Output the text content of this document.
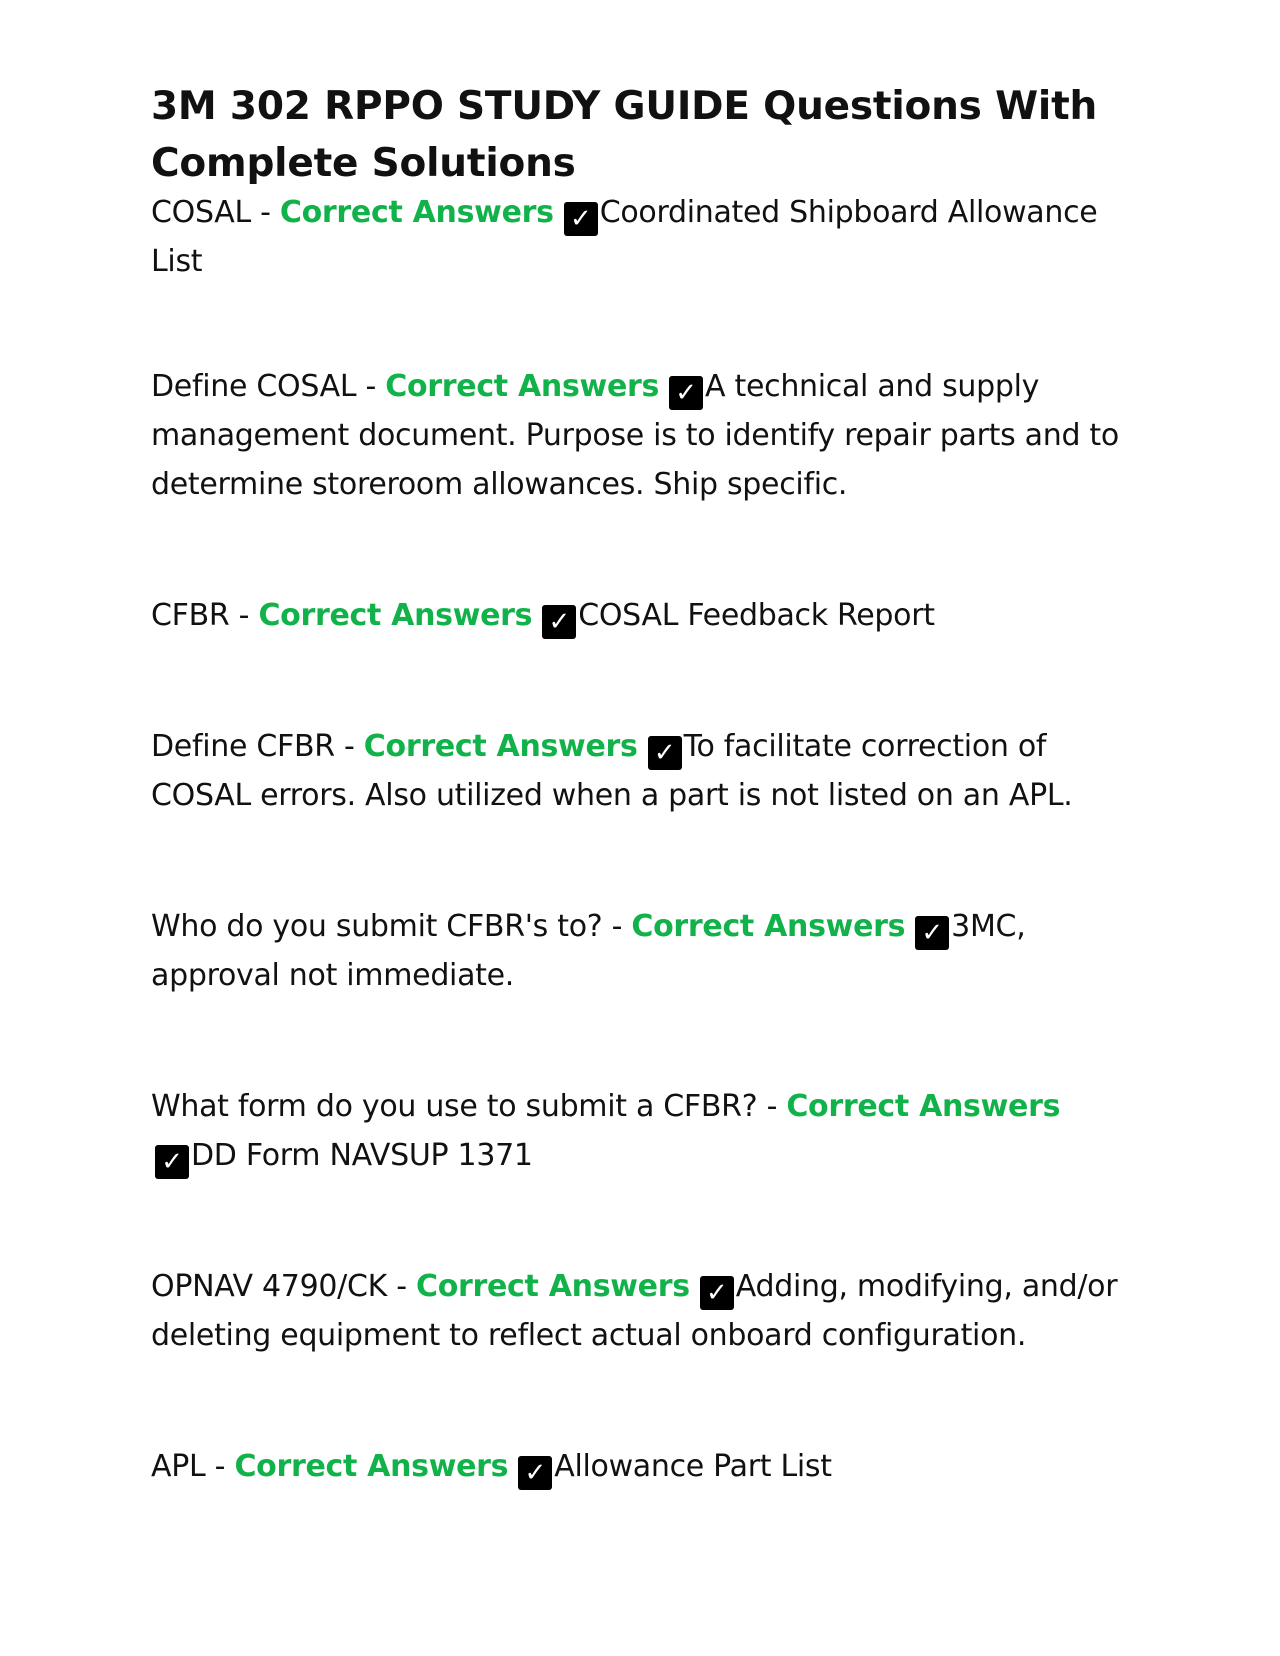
3M 302 RPPO STUDY GUIDE Questions With Complete Solutions

COSAL - Correct Answers ✓ Coordinated Shipboard Allowance List

Define COSAL - Correct Answers ✓ A technical and supply management document. Purpose is to identify repair parts and to determine storeroom allowances. Ship specific.

CFBR - Correct Answers ✓ COSAL Feedback Report

Define CFBR - Correct Answers ✓ To facilitate correction of COSAL errors. Also utilized when a part is not listed on an APL.

Who do you submit CFBR's to? - Correct Answers ✓ 3MC, approval not immediate.

What form do you use to submit a CFBR? - Correct Answers
✓ DD Form NAVSUP 1371

OPNAV 4790/CK - Correct Answers ✓ Adding, modifying, and/or deleting equipment to reflect actual onboard configuration.

APL - Correct Answers ✓ Allowance Part List
